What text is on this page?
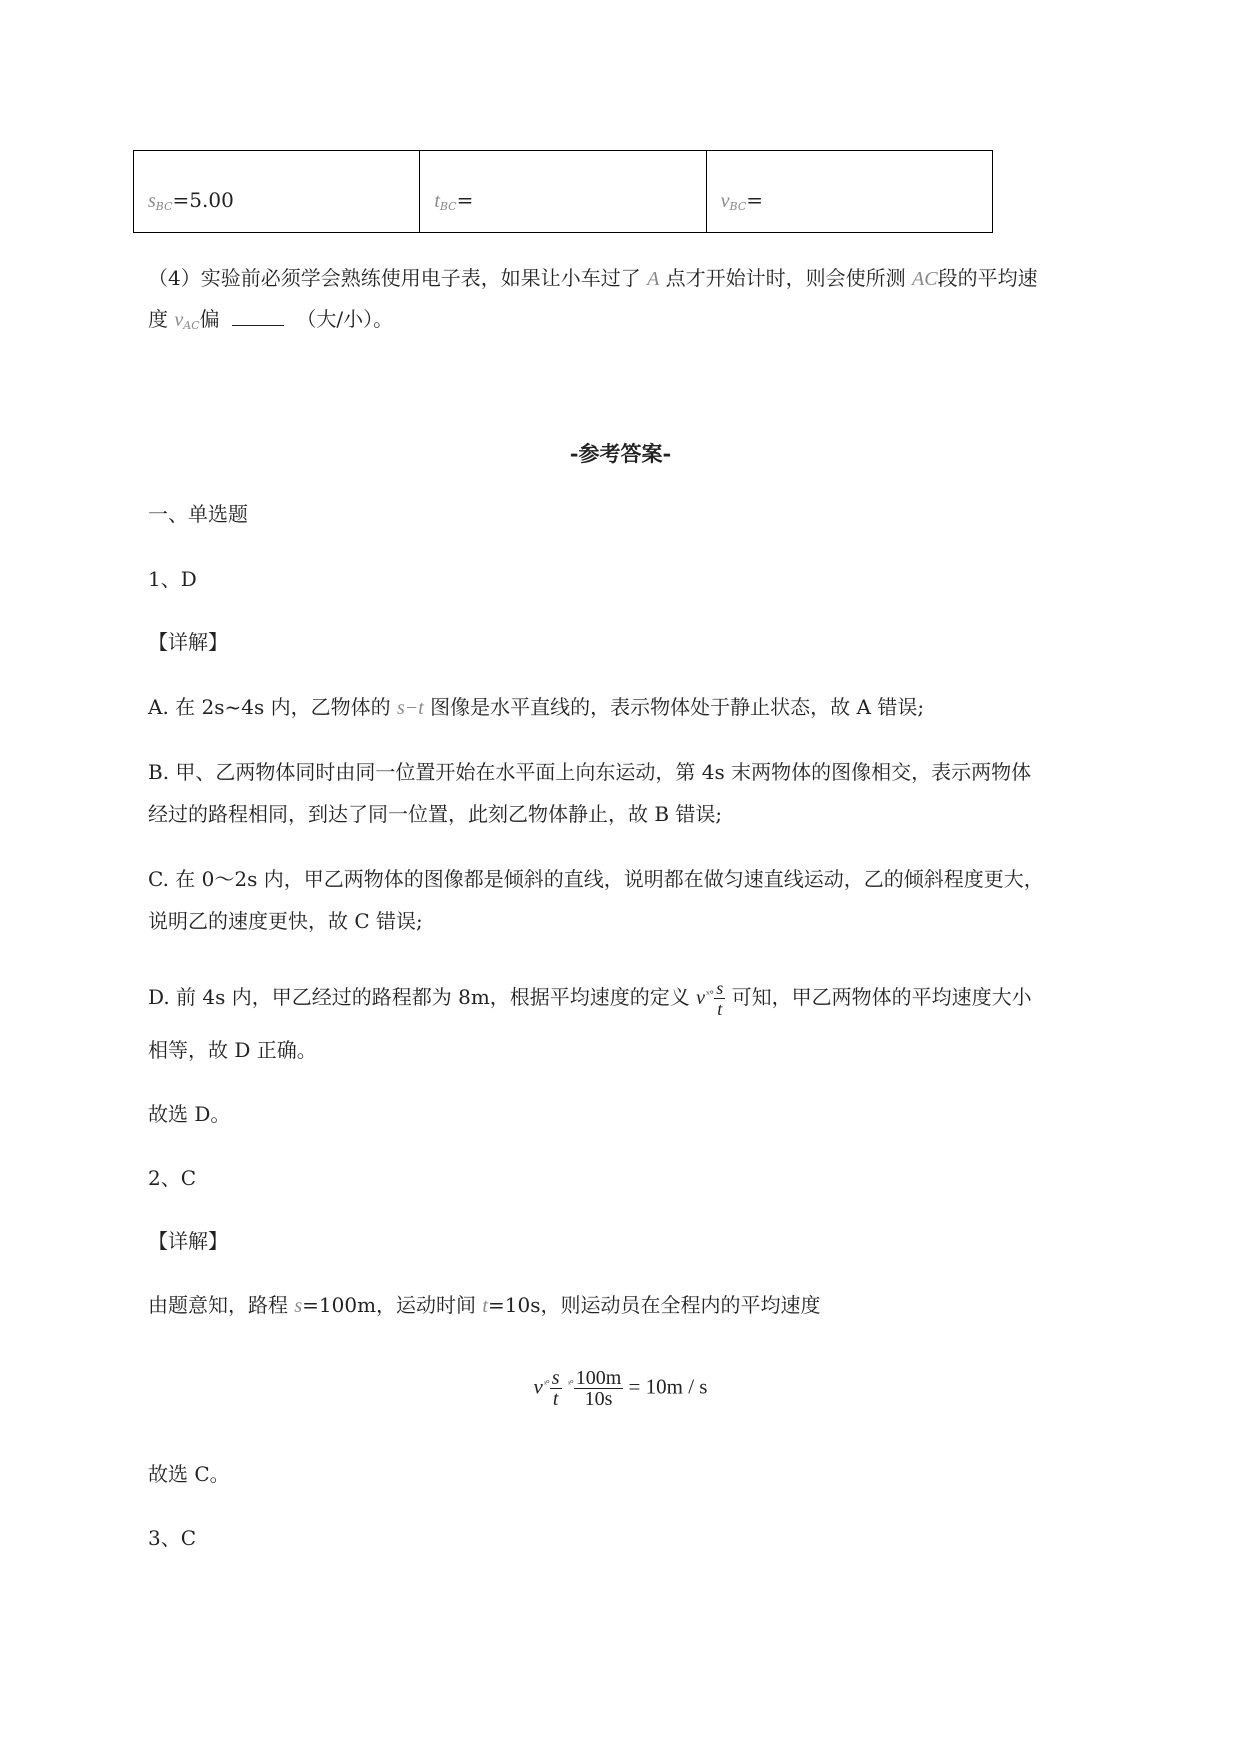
$s_{BC}=5.00$	$t_{BC}=$	$v_{BC}=$
（4）实验前必须学会熟练使用电子表，如果让小车过了 A 点才开始计时，则会使所测 AC段的平均速
度 $v_{AC}$偏	（大/小）。
-参考答案-
一、单选题
1、D
【详解】
A. 在 2s~4s 内，乙物体的 s−t 图像是水平直线的，表示物体处于静止状态，故 A 错误;
B. 甲、乙两物体同时由同一位置开始在水平面上向东运动，第 4s 末两物体的图像相交，表示两物体
经过的路程相同，到达了同一位置，此刻乙物体静止，故 B 错误;
C. 在 0～2s 内，甲乙两物体的图像都是倾斜的直线，说明都在做匀速直线运动，乙的倾斜程度更大，
说明乙的速度更快，故 C 错误;
D. 前 4s 内，甲乙经过的路程都为 8m，根据平均速度的定义 $v^{ˣ^\circ} \frac{s}{t}$ 可知，甲乙两物体的平均速度大小
相等，故 D 正确。
故选 D。
2、C
【详解】
由题意知，路程 s=100m，运动时间 t=10s，则运动员在全程内的平均速度
$v^{ˣ^\circ} \frac{s}{t} ^{ˣ^\circ} \frac{100m}{10s} = 10m / s$
故选 C。
3、C
